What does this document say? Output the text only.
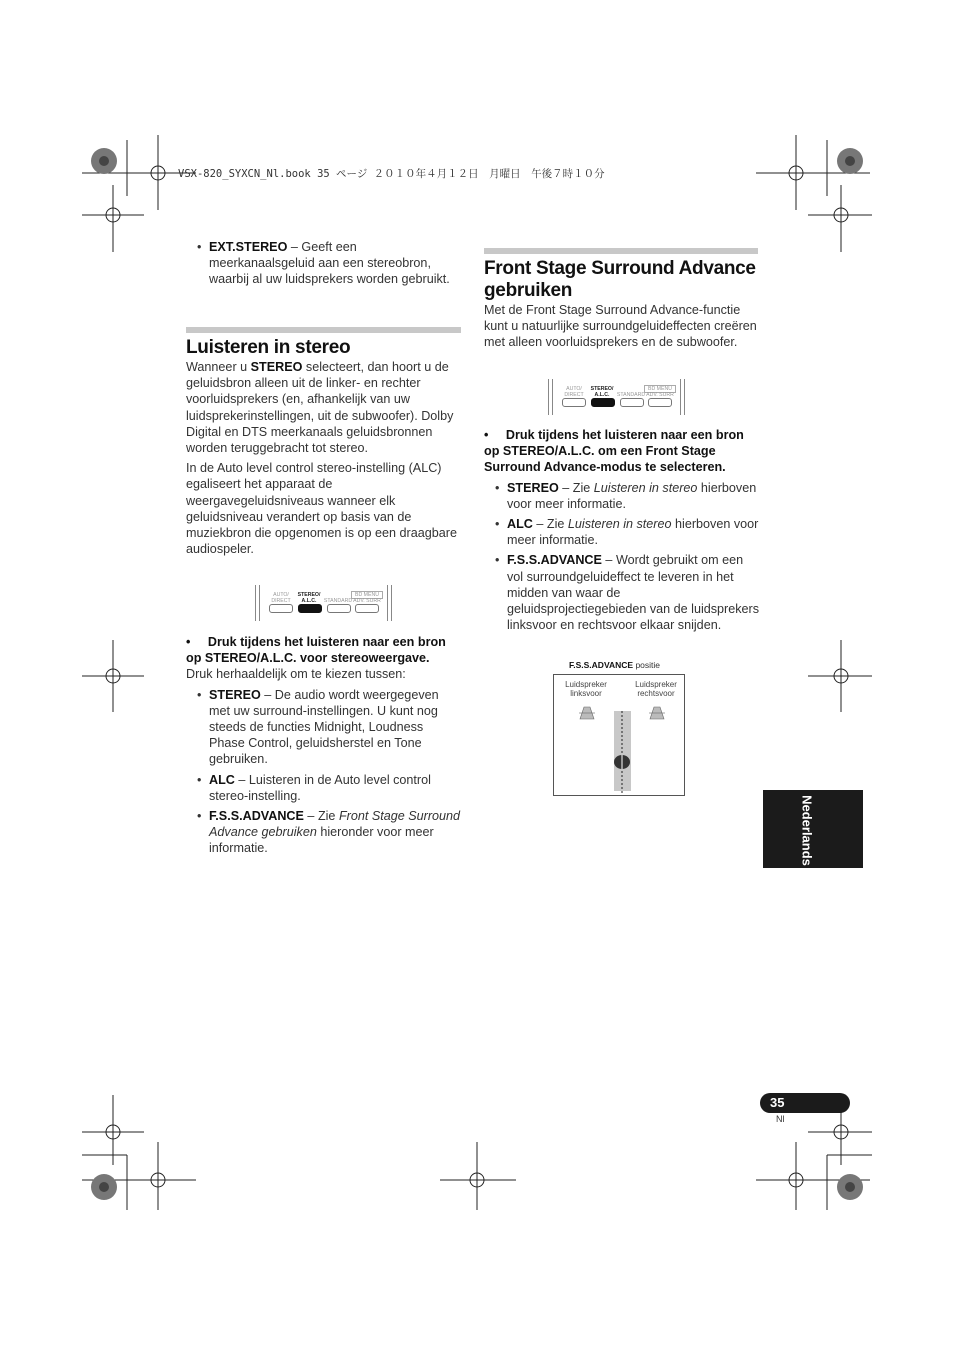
VSX-820_SYXCN_Nl.book 35 ページ ２０１０年４月１２日　月曜日　午後７時１０分
• EXT.STEREO – Geeft een meerkanaalsgeluid aan een stereobron, waarbij al uw luidsprekers worden gebruikt.
Luisteren in stereo

Wanneer u STEREO selecteert, dan hoort u de geluidsbron alleen uit de linker- en rechter voorluidsprekers (en, afhankelijk van uw luidsprekerinstellingen, uit de subwoofer). Dolby Digital en DTS meerkanaals geluidsbronnen worden teruggebracht tot stereo.

In de Auto level control stereo-instelling (ALC) egaliseert het apparaat de weergavegeluidsniveaus wanneer elk geluidsniveau verandert op basis van de muziekbron die opgenomen is op een draagbare audiospeler.

AUTO/
DIRECT
STEREO/
A.L.C.	STANDARD
BD MENU
ADV. SURR

• Druk tijdens het luisteren naar een bron op STEREO/A.L.C. voor stereoweergave.

Druk herhaaldelijk om te kiezen tussen:

• STEREO – De audio wordt weergegeven met uw surround-instellingen. U kunt nog steeds de functies Midnight, Loudness Phase Control, geluidsherstel en Tone gebruiken.
• ALC – Luisteren in de Auto level control stereo-instelling.
• F.S.S.ADVANCE – Zie Front Stage Surround Advance gebruiken hieronder voor meer informatie.
Front Stage Surround Advance gebruiken

Met de Front Stage Surround Advance-functie kunt u natuurlijke surroundgeluideffecten creëren met alleen voorluidsprekers en de subwoofer.

AUTO/
DIRECT
STEREO/
A.L.C.	STANDARD
BD MENU
ADV. SURR

• Druk tijdens het luisteren naar een bron op STEREO/A.L.C. om een Front Stage Surround Advance-modus te selecteren.

• STEREO – Zie Luisteren in stereo hierboven voor meer informatie.
• ALC – Zie Luisteren in stereo hierboven voor meer informatie.
• F.S.S.ADVANCE – Wordt gebruikt om een vol surroundgeluideffect te leveren in het midden van waar de geluidsprojectiegebieden van de luidsprekers linksvoor en rechtsvoor elkaar snijden.
F.S.S.ADVANCE positie
Luidspreker
linksvoor
Luidspreker
rechtsvoor
Nederlands
35
Nl
